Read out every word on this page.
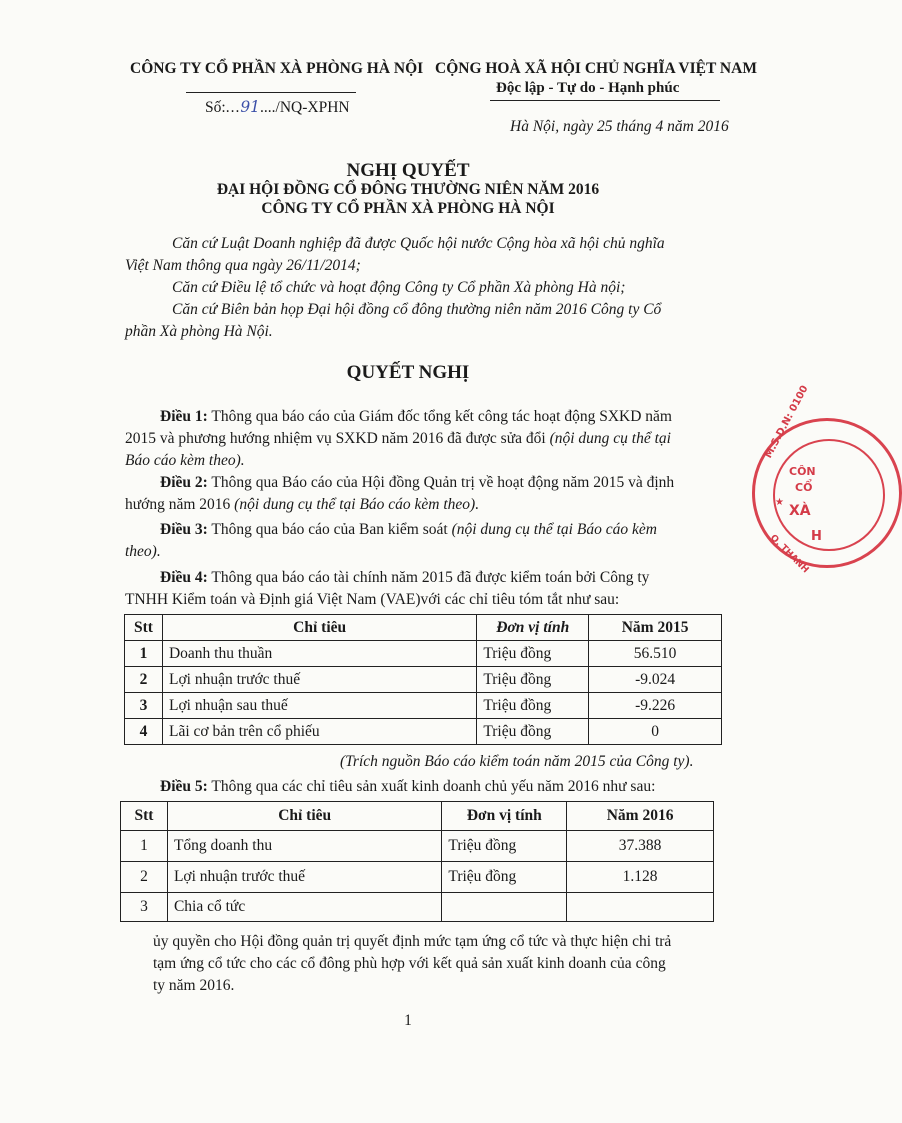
CÔNG TY CỔ PHẦN XÀ PHÒNG HÀ NỘI CỘNG HOÀ XÃ HỘI CHỦ NGHĨA VIỆT NAM
Độc lập - Tự do - Hạnh phúc
Số:...91..../NQ-XPHN
Hà Nội, ngày 25 tháng 4 năm 2016
NGHỊ QUYẾT
ĐẠI HỘI ĐỒNG CỔ ĐÔNG THƯỜNG NIÊN NĂM 2016
CÔNG TY CỔ PHẦN XÀ PHÒNG HÀ NỘI
Căn cứ Luật Doanh nghiệp đã được Quốc hội nước Cộng hòa xã hội chủ nghĩa
Việt Nam thông qua ngày 26/11/2014;
Căn cứ Điều lệ tổ chức và hoạt động Công ty Cổ phần Xà phòng Hà nội;
Căn cứ Biên bản họp Đại hội đồng cổ đông thường niên năm 2016 Công ty Cổ
phần Xà phòng Hà Nội.
QUYẾT NGHỊ
Điều 1: Thông qua báo cáo của Giám đốc tổng kết công tác hoạt động SXKD năm
2015 và phương hướng nhiệm vụ SXKD năm 2016 đã được sửa đổi (nội dung cụ thể tại
Báo cáo kèm theo).
Điều 2: Thông qua Báo cáo của Hội đồng Quản trị về hoạt động năm 2015 và định
hướng năm 2016 (nội dung cụ thể tại Báo cáo kèm theo).
Điều 3: Thông qua báo cáo của Ban kiểm soát (nội dung cụ thể tại Báo cáo kèm
theo).
Điều 4: Thông qua báo cáo tài chính năm 2015 đã được kiểm toán bởi Công ty
TNHH Kiểm toán và Định giá Việt Nam (VAE)với các chỉ tiêu tóm tắt như sau:
Stt	Chỉ tiêu	Đơn vị tính	Năm 2015
1	Doanh thu thuần	Triệu đồng	56.510
2	Lợi nhuận trước thuế	Triệu đồng	-9.024
3	Lợi nhuận sau thuế	Triệu đồng	-9.226
4	Lãi cơ bản trên cổ phiếu	Triệu đồng	0
(Trích nguồn Báo cáo kiểm toán năm 2015 của Công ty).
Điều 5: Thông qua các chỉ tiêu sản xuất kinh doanh chủ yếu năm 2016 như sau:
Stt	Chỉ tiêu	Đơn vị tính	Năm 2016
1	Tổng doanh thu	Triệu đồng	37.388
2	Lợi nhuận trước thuế	Triệu đồng	1.128
3	Chia cổ tức		
ủy quyền cho Hội đồng quản trị quyết định mức tạm ứng cổ tức và thực hiện chi trả
tạm ứng cổ tức cho các cổ đông phù hợp với kết quả sản xuất kinh doanh của công
ty năm 2016.
1
M.S.D.N: 0100
CÔN
CỔ
XÀ
H
Q. THANH
★
